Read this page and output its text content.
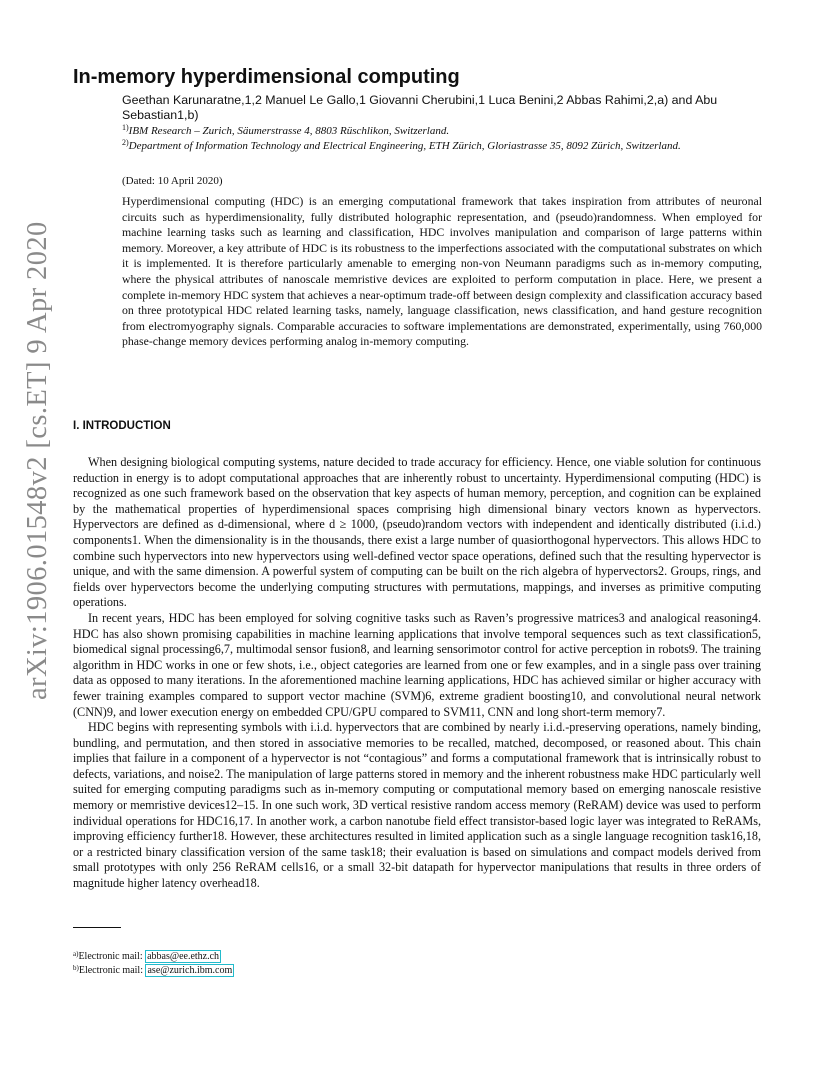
arXiv:1906.01548v2 [cs.ET] 9 Apr 2020
In-memory hyperdimensional computing
Geethan Karunaratne,1,2 Manuel Le Gallo,1 Giovanni Cherubini,1 Luca Benini,2 Abbas Rahimi,2,a) and Abu Sebastian1,b)
$^{1)}$IBM Research – Zurich, Säumerstrasse 4, 8803 Rüschlikon, Switzerland.
$^{2)}$Department of Information Technology and Electrical Engineering, ETH Zürich, Gloriastrasse 35, 8092 Zürich, Switzerland.
(Dated: 10 April 2020)
Hyperdimensional computing (HDC) is an emerging computational framework that takes inspiration from attributes of neuronal circuits such as hyperdimensionality, fully distributed holographic representation, and (pseudo)randomness. When employed for machine learning tasks such as learning and classification, HDC involves manipulation and comparison of large patterns within memory. Moreover, a key attribute of HDC is its robustness to the imperfections associated with the computational substrates on which it is implemented. It is therefore particularly amenable to emerging non-von Neumann paradigms such as in-memory computing, where the physical attributes of nanoscale memristive devices are exploited to perform computation in place. Here, we present a complete in-memory HDC system that achieves a near-optimum trade-off between design complexity and classification accuracy based on three prototypical HDC related learning tasks, namely, language classification, news classification, and hand gesture recognition from electromyography signals. Comparable accuracies to software implementations are demonstrated, experimentally, using 760,000 phase-change memory devices performing analog in-memory computing.
I. INTRODUCTION

When designing biological computing systems, nature decided to trade accuracy for efficiency. Hence, one viable solution for continuous reduction in energy is to adopt computational approaches that are inherently robust to uncertainty. Hyperdimensional computing (HDC) is recognized as one such framework based on the observation that key aspects of human memory, perception, and cognition can be explained by the mathematical properties of hyperdimensional spaces comprising high dimensional binary vectors known as hypervectors. Hypervectors are defined as d-dimensional, where d ≥ 1000, (pseudo)random vectors with independent and identically distributed (i.i.d.) components1. When the dimensionality is in the thousands, there exist a large number of quasiorthogonal hypervectors. This allows HDC to combine such hypervectors into new hypervectors using well-defined vector space operations, defined such that the resulting hypervector is unique, and with the same dimension. A powerful system of computing can be built on the rich algebra of hypervectors2. Groups, rings, and fields over hypervectors become the underlying computing structures with permutations, mappings, and inverses as primitive computing operations.

In recent years, HDC has been employed for solving cognitive tasks such as Raven’s progressive matrices3 and analogical reasoning4. HDC has also shown promising capabilities in machine learning applications that involve temporal sequences such as text classification5, biomedical signal processing6,7, multimodal sensor fusion8, and learning sensorimotor control for active perception in robots9. The training algorithm in HDC works in one or few shots, i.e., object categories are learned from one or few examples, and in a single pass over training data as opposed to many iterations. In the aforementioned machine learning applications, HDC has achieved similar or higher accuracy with fewer training examples compared to support vector machine (SVM)6, extreme gradient boosting10, and convolutional neural network (CNN)9, and lower execution energy on embedded CPU/GPU compared to SVM11, CNN and long short-term memory7.

HDC begins with representing symbols with i.i.d. hypervectors that are combined by nearly i.i.d.-preserving operations, namely binding, bundling, and permutation, and then stored in associative memories to be recalled, matched, decomposed, or reasoned about. This chain implies that failure in a component of a hypervector is not “contagious” and forms a computational framework that is intrinsically robust to defects, variations, and noise2. The manipulation of large patterns stored in memory and the inherent robustness make HDC particularly well suited for emerging computing paradigms such as in-memory computing or computational memory based on emerging nanoscale resistive memory or memristive devices12–15. In one such work, 3D vertical resistive random access memory (ReRAM) device was used to perform individual operations for HDC16,17. In another work, a carbon nanotube field effect transistor-based logic layer was integrated to ReRAMs, improving efficiency further18. However, these architectures resulted in limited application such as a single language recognition task16,18, or a restricted binary classification version of the same task18; their evaluation is based on simulations and compact models derived from small prototypes with only 256 ReRAM cells16, or a small 32-bit datapath for hypervector manipulations that results in three orders of magnitude higher latency overhead18.

$^{a)}$Electronic mail: abbas@ee.ethz.ch
$^{b)}$Electronic mail: ase@zurich.ibm.com
